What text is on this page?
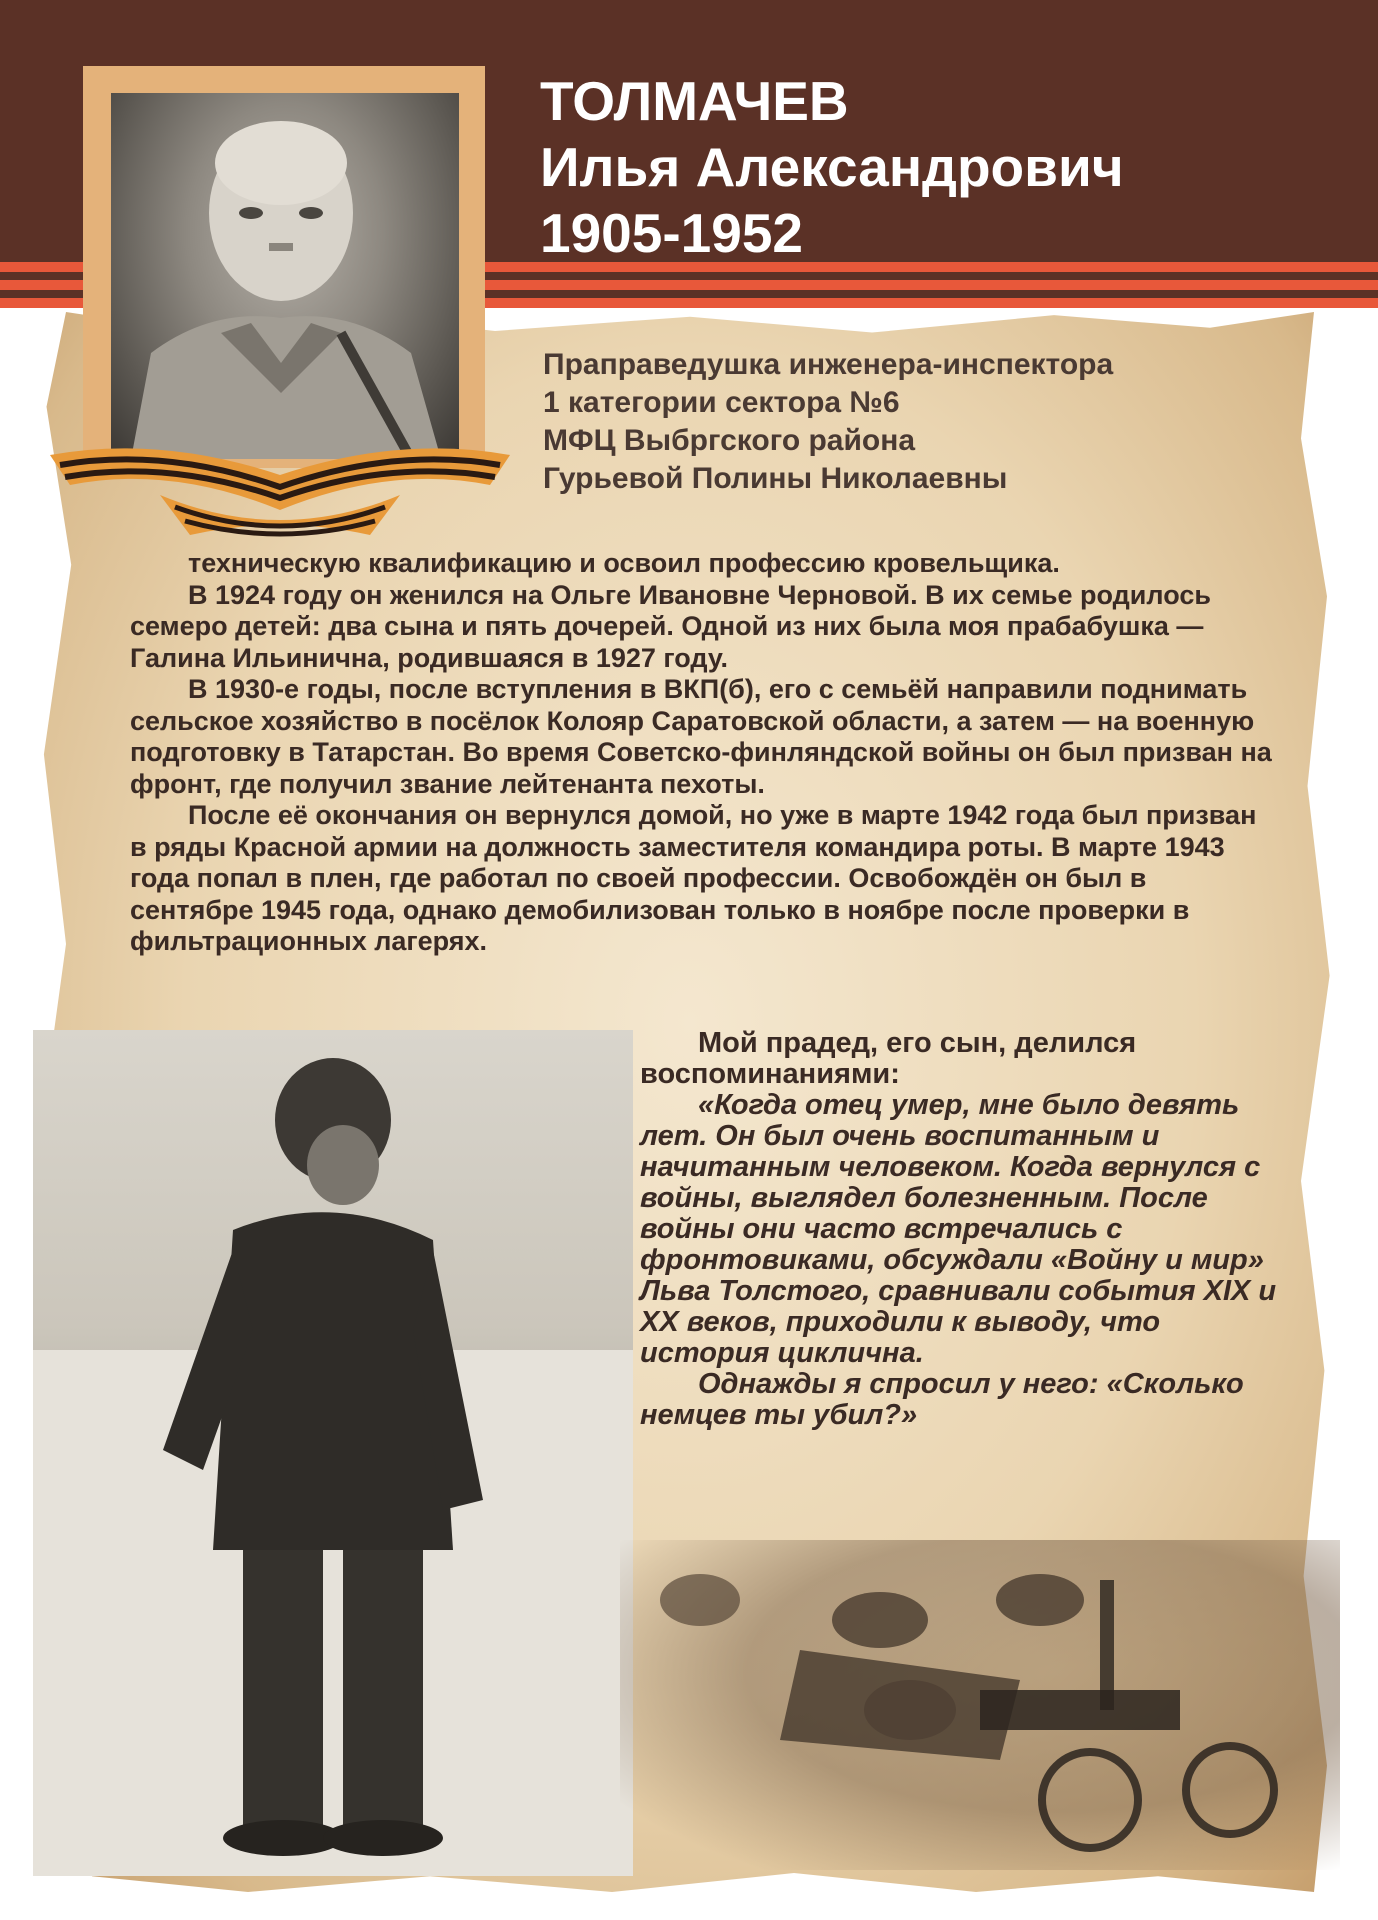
ТОЛМАЧЕВ
Илья Александрович
1905-1952
Праправедушка инженера-инспектора
1 категории сектора №6
МФЦ Выбргского района
Гурьевой Полины Николаевны

техническую квалификацию и освоил профессию кровельщика.

В 1924 году он женился на Ольге Ивановне Черновой. В их семье родилось семеро детей: два сына и пять дочерей. Одной из них была моя прабабушка — Галина Ильинична, родившаяся в 1927 году.

В 1930-е годы, после вступления в ВКП(б), его с семьёй направили поднимать сельское хозяйство в посёлок Колояр Саратовской области, а затем — на военную подготовку в Татарстан. Во время Советско-финляндской войны он был призван на фронт, где получил звание лейтенанта пехоты.

После её окончания он вернулся домой, но уже в марте 1942 года был призван в ряды Красной армии на должность заместителя командира роты. В марте 1943 года попал в плен, где работал по своей профессии. Освобождён он был в сентябре 1945 года, однако демобилизован только в ноябре после проверки в фильтрационных лагерях.

Мой прадед, его сын, делился воспоминаниями:

«Когда отец умер, мне было девять лет. Он был очень воспитанным и начитанным человеком. Когда вернулся с войны, выглядел болезненным. После войны они часто встречались с фронтовиками, обсуждали «Войну и мир» Льва Толстого, сравнивали события XIX и XX веков, приходили к выводу, что история циклична.

Однажды я спросил у него: «Сколько немцев ты убил?»
